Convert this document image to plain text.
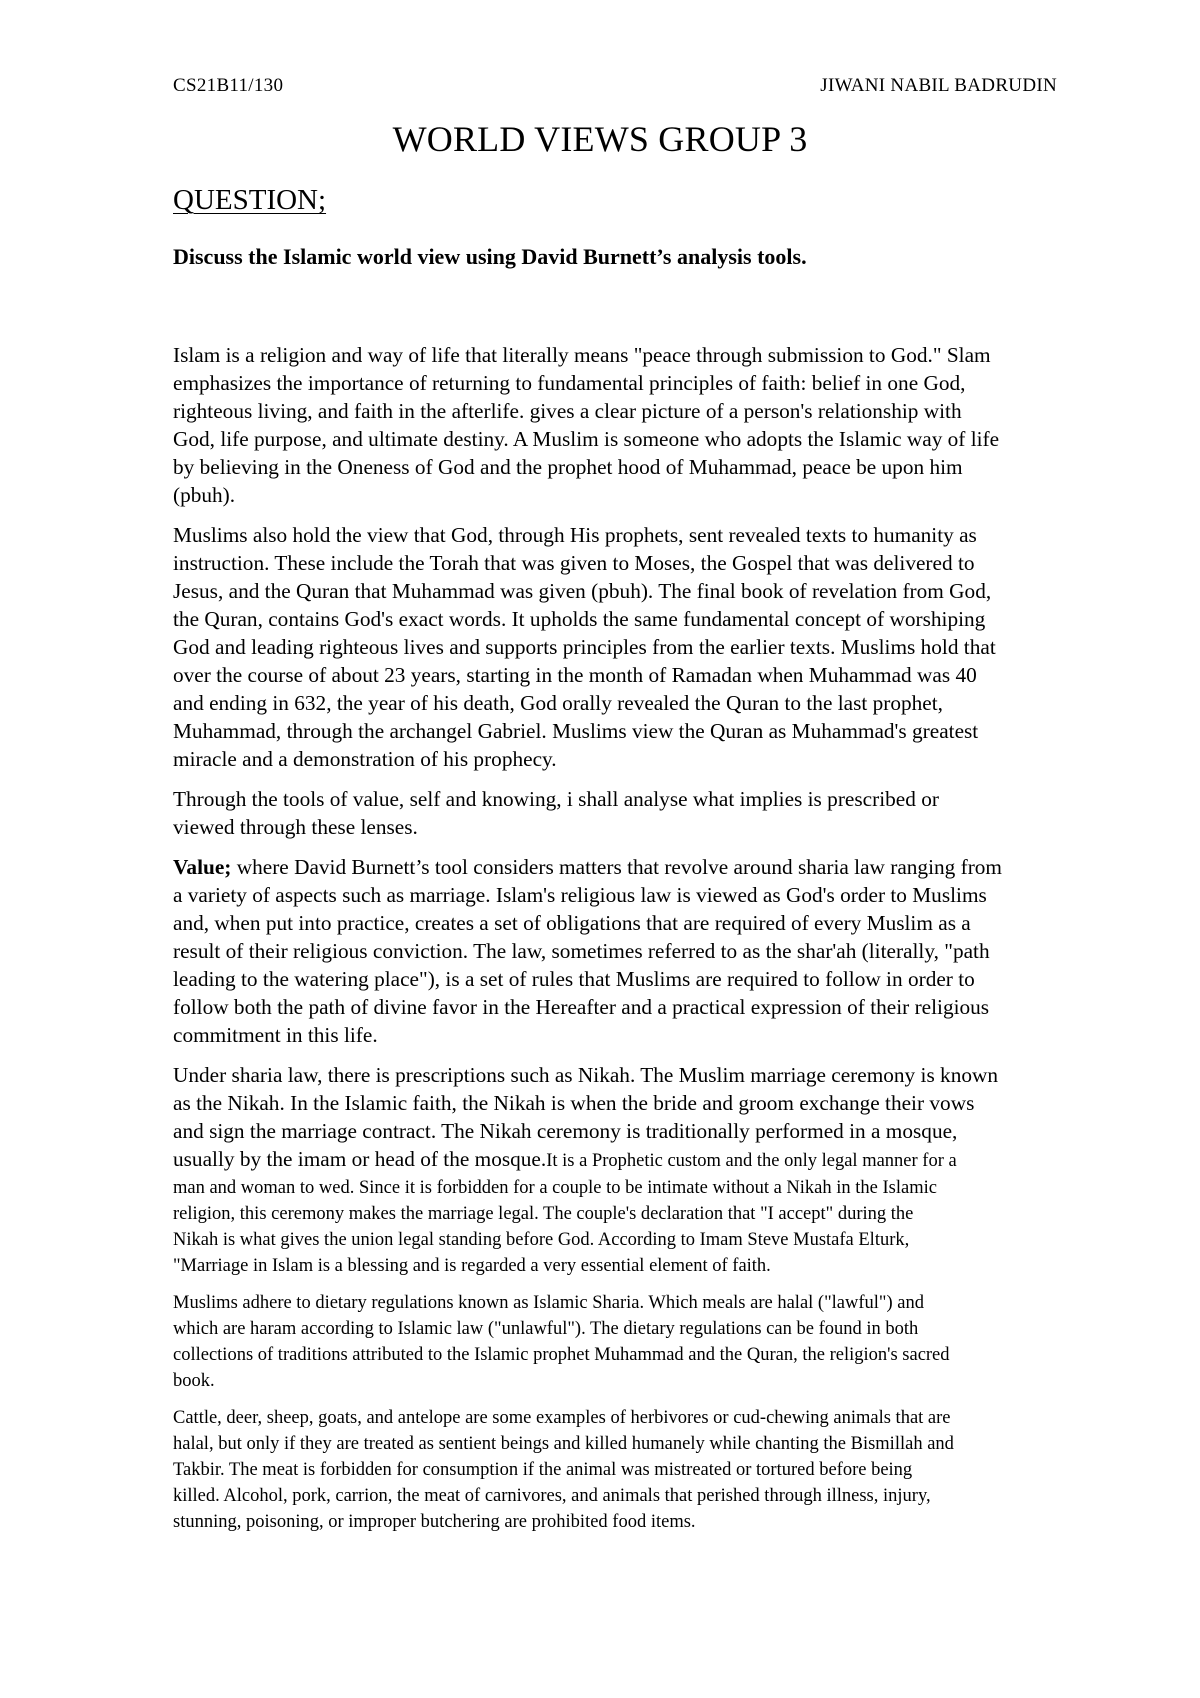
CS21B11/130	JIWANI NABIL BADRUDIN
WORLD VIEWS GROUP 3
QUESTION;
Discuss the Islamic world view using David Burnett’s analysis tools.

Islam is a religion and way of life that literally means "peace through submission to God." Slam
emphasizes the importance of returning to fundamental principles of faith: belief in one God,
righteous living, and faith in the afterlife. gives a clear picture of a person's relationship with
God, life purpose, and ultimate destiny. A Muslim is someone who adopts the Islamic way of life
by believing in the Oneness of God and the prophet hood of Muhammad, peace be upon him
(pbuh).

Muslims also hold the view that God, through His prophets, sent revealed texts to humanity as
instruction. These include the Torah that was given to Moses, the Gospel that was delivered to
Jesus, and the Quran that Muhammad was given (pbuh). The final book of revelation from God,
the Quran, contains God's exact words. It upholds the same fundamental concept of worshiping
God and leading righteous lives and supports principles from the earlier texts. Muslims hold that
over the course of about 23 years, starting in the month of Ramadan when Muhammad was 40
and ending in 632, the year of his death, God orally revealed the Quran to the last prophet,
Muhammad, through the archangel Gabriel. Muslims view the Quran as Muhammad's greatest
miracle and a demonstration of his prophecy.

Through the tools of value, self and knowing, i shall analyse what implies is prescribed or
viewed through these lenses.

Value; where David Burnett’s tool considers matters that revolve around sharia law ranging from
a variety of aspects such as marriage. Islam's religious law is viewed as God's order to Muslims
and, when put into practice, creates a set of obligations that are required of every Muslim as a
result of their religious conviction. The law, sometimes referred to as the shar'ah (literally, "path
leading to the watering place"), is a set of rules that Muslims are required to follow in order to
follow both the path of divine favor in the Hereafter and a practical expression of their religious
commitment in this life.

Under sharia law, there is prescriptions such as Nikah. The Muslim marriage ceremony is known
as the Nikah. In the Islamic faith, the Nikah is when the bride and groom exchange their vows
and sign the marriage contract. The Nikah ceremony is traditionally performed in a mosque,
usually by the imam or head of the mosque.It is a Prophetic custom and the only legal manner for a

man and woman to wed. Since it is forbidden for a couple to be intimate without a Nikah in the Islamic
religion, this ceremony makes the marriage legal. The couple's declaration that "I accept" during the
Nikah is what gives the union legal standing before God. According to Imam Steve Mustafa Elturk,
"Marriage in Islam is a blessing and is regarded a very essential element of faith.

Muslims adhere to dietary regulations known as Islamic Sharia. Which meals are halal ("lawful") and
which are haram according to Islamic law ("unlawful"). The dietary regulations can be found in both
collections of traditions attributed to the Islamic prophet Muhammad and the Quran, the religion's sacred
book.

Cattle, deer, sheep, goats, and antelope are some examples of herbivores or cud-chewing animals that are
halal, but only if they are treated as sentient beings and killed humanely while chanting the Bismillah and
Takbir. The meat is forbidden for consumption if the animal was mistreated or tortured before being
killed. Alcohol, pork, carrion, the meat of carnivores, and animals that perished through illness, injury,
stunning, poisoning, or improper butchering are prohibited food items.
